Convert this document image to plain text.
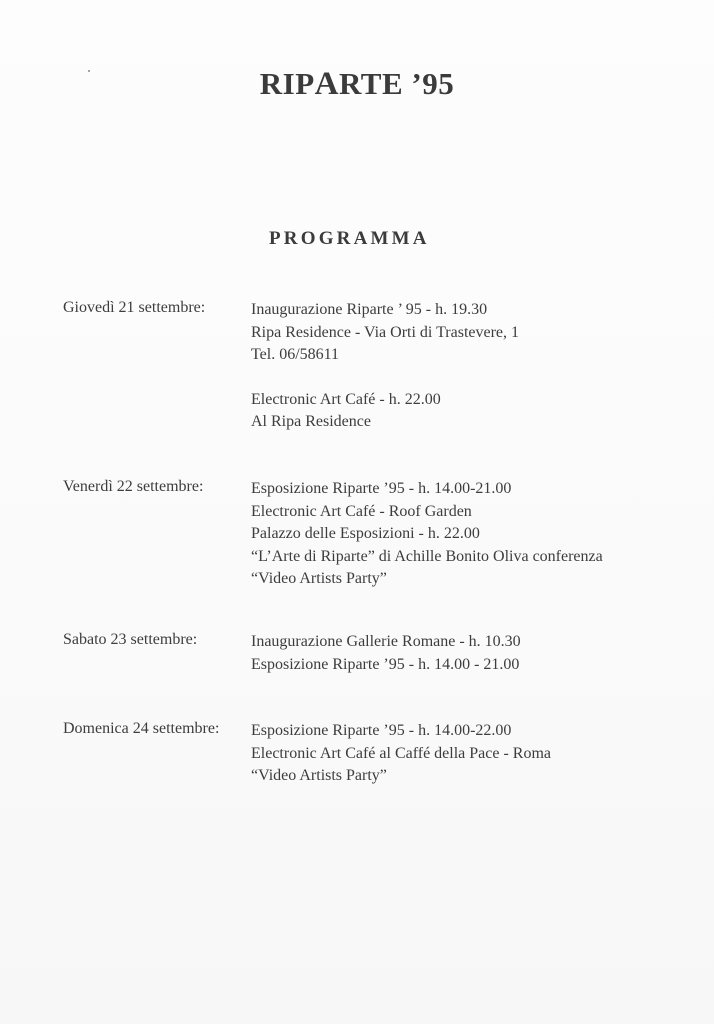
RIPARTE ’95
PROGRAMMA
Giovedì 21 settembre:	Inaugurazione Riparte ’ 95 - h. 19.30
Ripa Residence - Via Orti di Trastevere, 1
Tel. 06/58611
Electronic Art Café - h. 22.00
Al Ripa Residence
Venerdì 22 settembre:	Esposizione Riparte ’95 - h. 14.00-21.00
Electronic Art Café - Roof Garden
Palazzo delle Esposizioni - h. 22.00
“L’Arte di Riparte” di Achille Bonito Oliva conferenza
“Video Artists Party”
Sabato 23 settembre:	Inaugurazione Gallerie Romane - h. 10.30
Esposizione Riparte ’95 - h. 14.00 - 21.00
Domenica 24 settembre: Esposizione Riparte ’95 - h. 14.00-22.00
Electronic Art Café al Caffé della Pace - Roma
“Video Artists Party”
